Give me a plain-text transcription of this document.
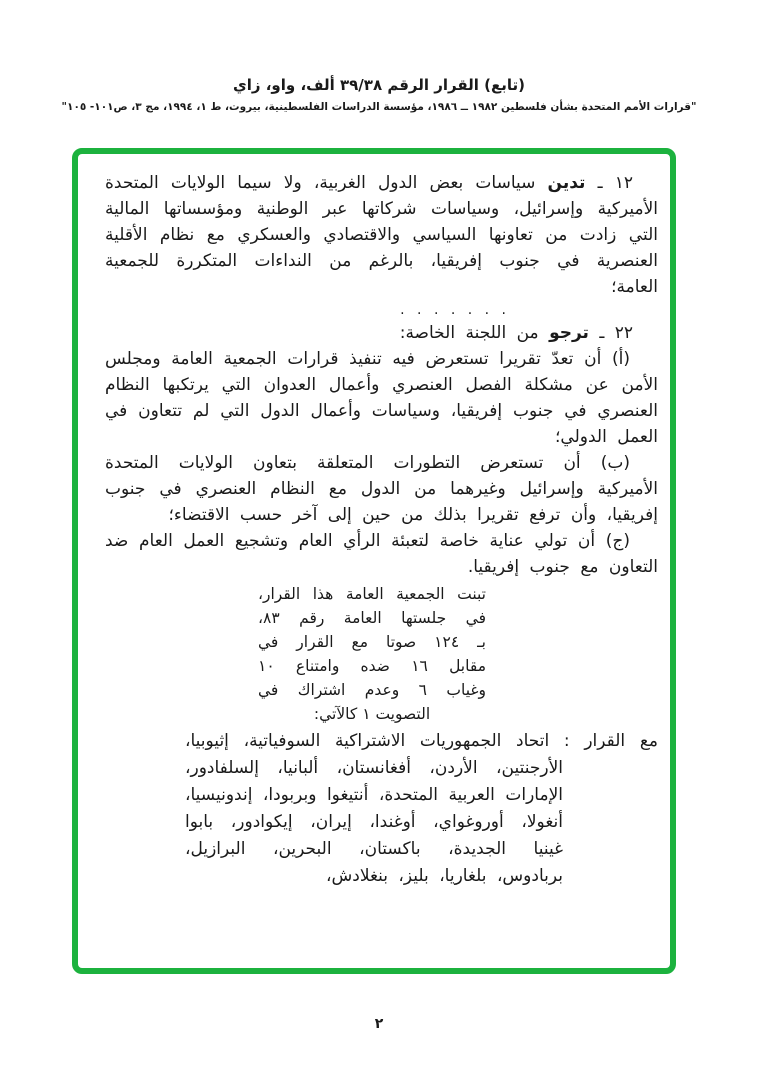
(تابع) القرار الرقم ٣٩/٣٨ ألف، واو، زاي
"قرارات الأمم المتحدة بشأن فلسطين ١٩٨٢ ــ ١٩٨٦، مؤسسة الدراسات الفلسطينية، بيروت، ط ١، ١٩٩٤، مج ٣، ص١٠١- ١٠٥"

١٢ ـ تدين سياسات بعض الدول الغربية، ولا سيما الولايات المتحدة الأميركية وإسرائيل، وسياسات شركاتها عبر الوطنية ومؤسساتها المالية التي زادت من تعاونها السياسي والاقتصادي والعسكري مع نظام الأقلية العنصرية في جنوب إفريقيا، بالرغم من النداءات المتكررة للجمعية العامة؛

. . . . . . .

٢٢ ـ ترجو من اللجنة الخاصة:

(أ) أن تعدّ تقريرا تستعرض فيه تنفيذ قرارات الجمعية العامة ومجلس الأمن عن مشكلة الفصل العنصري وأعمال العدوان التي يرتكبها النظام العنصري في جنوب إفريقيا، وسياسات وأعمال الدول التي لم تتعاون في العمل الدولي؛

(ب) أن تستعرض التطورات المتعلقة بتعاون الولايات المتحدة الأميركية وإسرائيل وغيرهما من الدول مع النظام العنصري في جنوب إفريقيا، وأن ترفع تقريرا بذلك من حين إلى آخر حسب الاقتضاء؛

(ج) أن تولي عناية خاصة لتعبئة الرأي العام وتشجيع العمل العام ضد التعاون مع جنوب إفريقيا.

تبنت الجمعية العامة هذا القرار،
في جلستها العامة رقم ٨٣،
بـ ١٢٤ صوتا مع القرار في
مقابل ١٦ ضده وامتناع ١٠
وغياب ٦ وعدم اشتراك في
التصويت ١ كالآتي:

مع القرار : اتحاد الجمهوريات الاشتراكية السوفياتية، إثيوبيا، الأرجنتين، الأردن، أفغانستان، ألبانيا، إلسلفادور، الإمارات العربية المتحدة، أنتيغوا وبربودا، إندونيسيا، أنغولا، أوروغواي، أوغندا، إيران، إيكوادور، بابوا غينيا الجديدة، باكستان، البحرين، البرازيل، بربادوس، بلغاريا، بليز، بنغلادش،

٢
